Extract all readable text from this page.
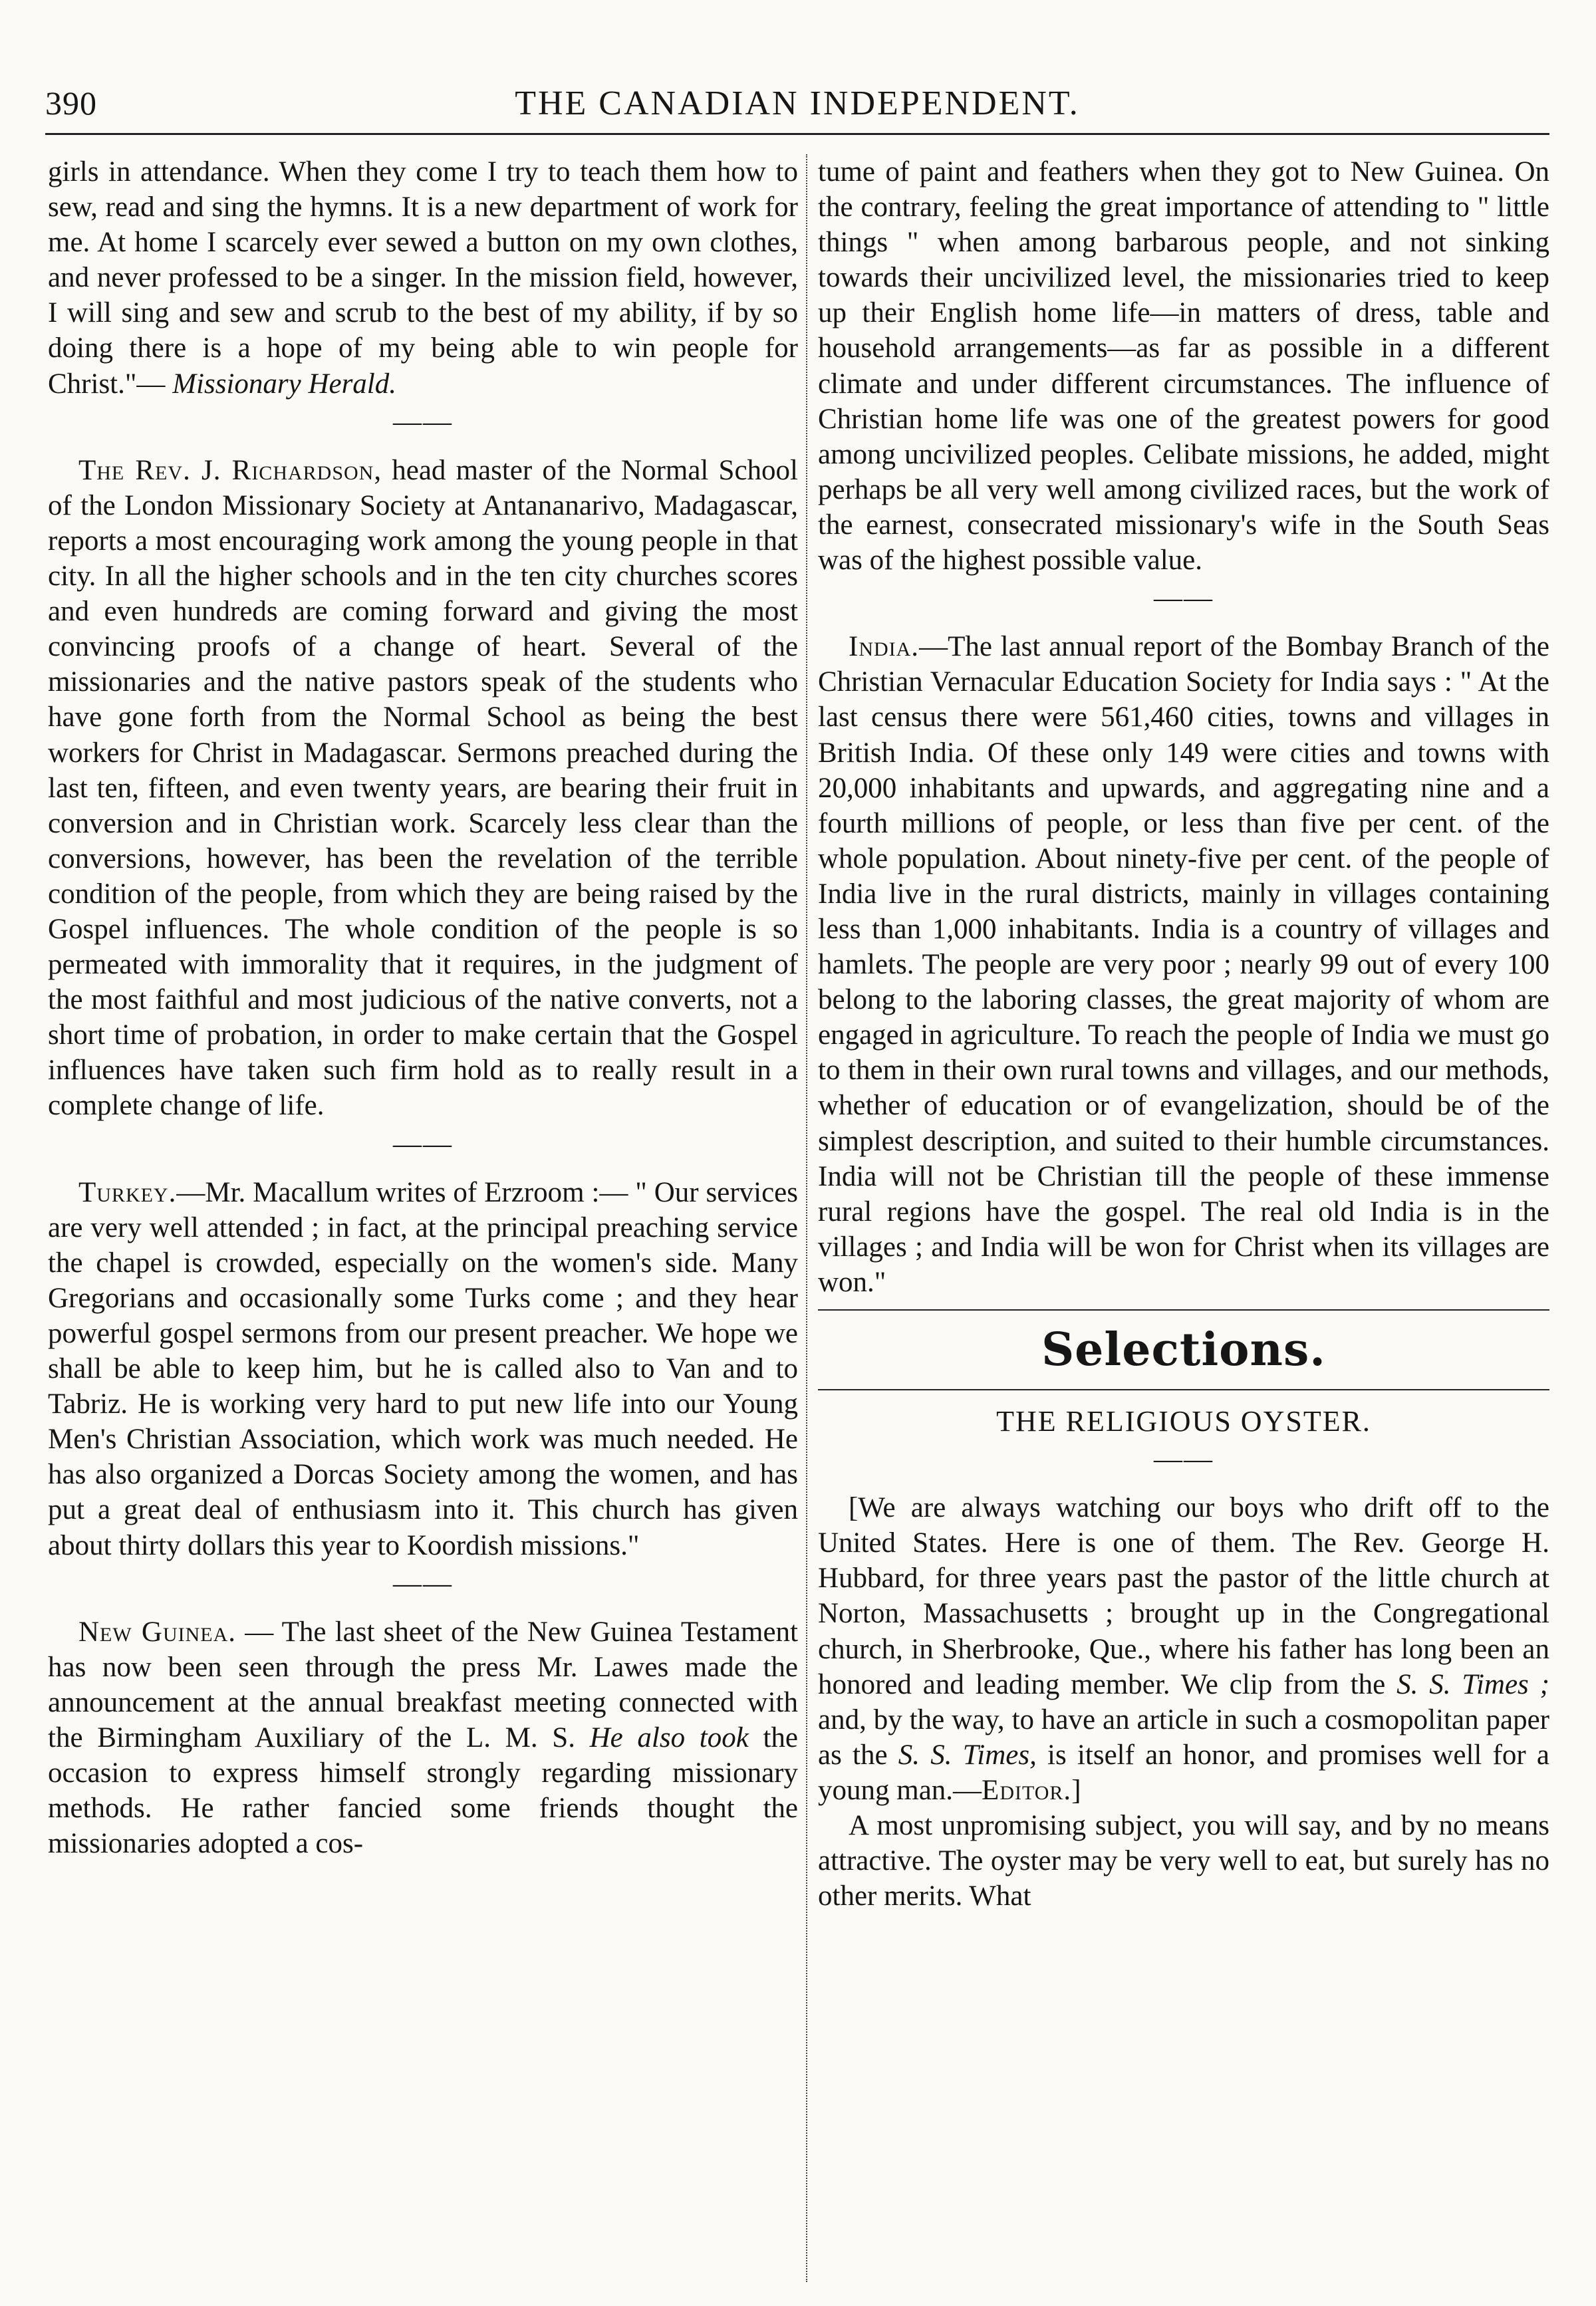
390	THE CANADIAN INDEPENDENT.

girls in attendance. When they come I try to teach them how to sew, read and sing the hymns. It is a new department of work for me. At home I scarcely ever sewed a button on my own clothes, and never professed to be a singer. In the mission field, however, I will sing and sew and scrub to the best of my ability, if by so doing there is a hope of my being able to win people for Christ."— Missionary Herald.

——

The Rev. J. Richardson, head master of the Normal School of the London Missionary Society at Antananarivo, Madagascar, reports a most encouraging work among the young people in that city. In all the higher schools and in the ten city churches scores and even hundreds are coming forward and giving the most convincing proofs of a change of heart. Several of the missionaries and the native pastors speak of the students who have gone forth from the Normal School as being the best workers for Christ in Madagascar. Sermons preached during the last ten, fifteen, and even twenty years, are bearing their fruit in conversion and in Christian work. Scarcely less clear than the conversions, however, has been the revelation of the terrible condition of the people, from which they are being raised by the Gospel influences. The whole condition of the people is so permeated with immorality that it requires, in the judgment of the most faithful and most judicious of the native converts, not a short time of probation, in order to make certain that the Gospel influences have taken such firm hold as to really result in a complete change of life.

——

Turkey.—Mr. Macallum writes of Erzroom :— " Our services are very well attended ; in fact, at the principal preaching service the chapel is crowded, especially on the women's side. Many Gregorians and occasionally some Turks come ; and they hear powerful gospel sermons from our present preacher. We hope we shall be able to keep him, but he is called also to Van and to Tabriz. He is working very hard to put new life into our Young Men's Christian Association, which work was much needed. He has also organized a Dorcas Society among the women, and has put a great deal of enthusiasm into it. This church has given about thirty dollars this year to Koordish missions."

——

New Guinea. — The last sheet of the New Guinea Testament has now been seen through the press Mr. Lawes made the announcement at the annual breakfast meeting connected with the Birmingham Auxiliary of the L. M. S. He also took the occasion to express himself strongly regarding missionary methods. He rather fancied some friends thought the missionaries adopted a cos-

tume of paint and feathers when they got to New Guinea. On the contrary, feeling the great importance of attending to " little things " when among barbarous people, and not sinking towards their uncivilized level, the missionaries tried to keep up their English home life—in matters of dress, table and household arrangements—as far as possible in a different climate and under different circumstances. The influence of Christian home life was one of the greatest powers for good among uncivilized peoples. Celibate missions, he added, might perhaps be all very well among civilized races, but the work of the earnest, consecrated missionary's wife in the South Seas was of the highest possible value.

——

India.—The last annual report of the Bombay Branch of the Christian Vernacular Education Society for India says : " At the last census there were 561,460 cities, towns and villages in British India. Of these only 149 were cities and towns with 20,000 inhabitants and upwards, and aggregating nine and a fourth millions of people, or less than five per cent. of the whole population. About ninety-five per cent. of the people of India live in the rural districts, mainly in villages containing less than 1,000 inhabitants. India is a country of villages and hamlets. The people are very poor ; nearly 99 out of every 100 belong to the laboring classes, the great majority of whom are engaged in agriculture. To reach the people of India we must go to them in their own rural towns and villages, and our methods, whether of education or of evangelization, should be of the simplest description, and suited to their humble circumstances. India will not be Christian till the people of these immense rural regions have the gospel. The real old India is in the villages ; and India will be won for Christ when its villages are won."

Selections.
THE RELIGIOUS OYSTER.

——

[We are always watching our boys who drift off to the United States. Here is one of them. The Rev. George H. Hubbard, for three years past the pastor of the little church at Norton, Massachusetts ; brought up in the Congregational church, in Sherbrooke, Que., where his father has long been an honored and leading member. We clip from the S. S. Times ; and, by the way, to have an article in such a cosmopolitan paper as the S. S. Times, is itself an honor, and promises well for a young man.—Editor.]

A most unpromising subject, you will say, and by no means attractive. The oyster may be very well to eat, but surely has no other merits. What
